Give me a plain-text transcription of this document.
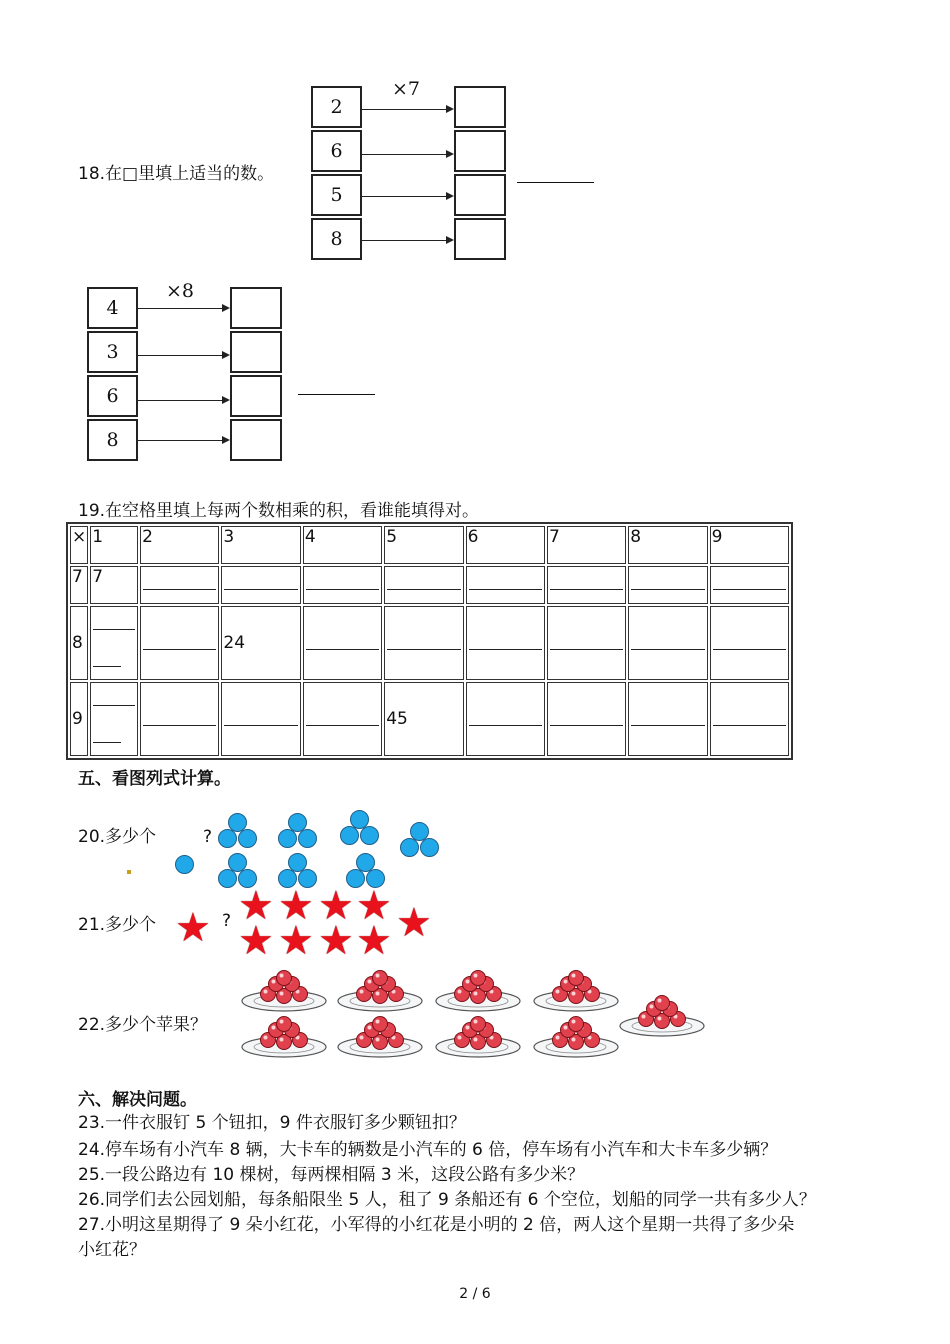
18.在□里填上适当的数。
×7
2
6
5
8
×8
4
3
6
8
19.在空格里填上每两个数相乘的积，看谁能填得对。
×	1	2	3	4	5	6	7	8	9
7	7	

8			24	

9					45	

五、看图列式计算。
20.多少个	?
21.多少个 ★ ? ★ ★ ★ ★
★ ★ ★ ★ ★
22.多少个苹果？
六、解决问题。
23.一件衣服钉 5 个钮扣，9 件衣服钉多少颗钮扣？
24.停车场有小汽车 8 辆，大卡车的辆数是小汽车的 6 倍，停车场有小汽车和大卡车多少辆？
25.一段公路边有 10 棵树，每两棵相隔 3 米，这段公路有多少米？
26.同学们去公园划船，每条船限坐 5 人，租了 9 条船还有 6 个空位，划船的同学一共有多少人？
27.小明这星期得了 9 朵小红花，小军得的小红花是小明的 2 倍，两人这个星期一共得了多少朵
小红花？
2 / 6
